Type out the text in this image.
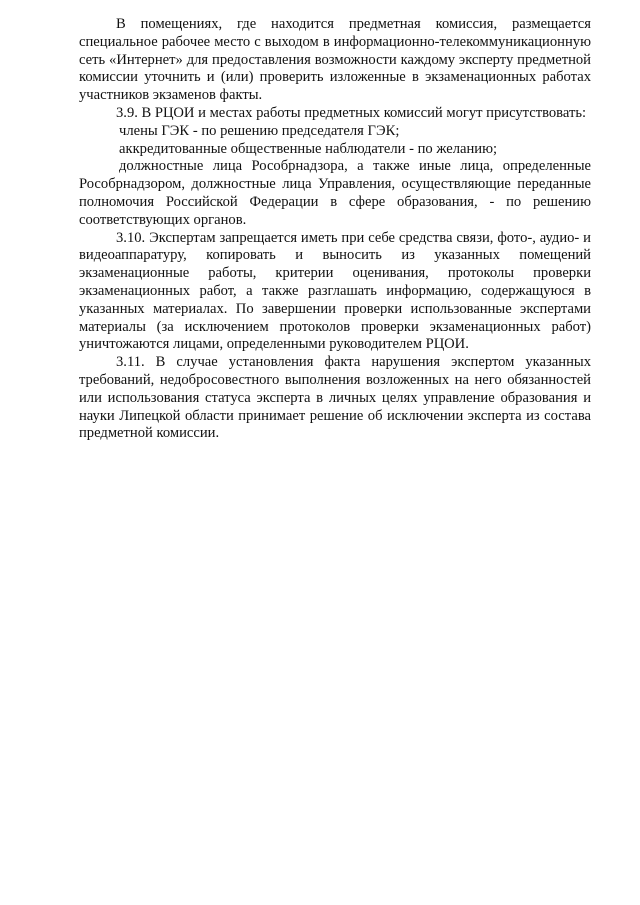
В помещениях, где находится предметная комиссия, размещается специальное рабочее место с выходом в информационно-телекоммуникационную сеть «Интернет» для предоставления возможности каждому эксперту предметной комиссии уточнить и (или) проверить изложенные в экзаменационных работах участников экзаменов факты.

3.9. В РЦОИ и местах работы предметных комиссий могут присутствовать:

члены ГЭК - по решению председателя ГЭК;

аккредитованные общественные наблюдатели - по желанию;

должностные лица Рособрнадзора, а также иные лица, определенные Рособрнадзором, должностные лица Управления, осуществляющие переданные полномочия Российской Федерации в сфере образования, - по решению соответствующих органов.

3.10. Экспертам запрещается иметь при себе средства связи, фото-, аудио- и видеоаппаратуру, копировать и выносить из указанных помещений экзаменационные работы, критерии оценивания, протоколы проверки экзаменационных работ, а также разглашать информацию, содержащуюся в указанных материалах. По завершении проверки использованные экспертами материалы (за исключением протоколов проверки экзаменационных работ) уничтожаются лицами, определенными руководителем РЦОИ.

3.11. В случае установления факта нарушения экспертом указанных требований, недобросовестного выполнения возложенных на него обязанностей или использования статуса эксперта в личных целях управление образования и науки Липецкой области принимает решение об исключении эксперта из состава предметной комиссии.
